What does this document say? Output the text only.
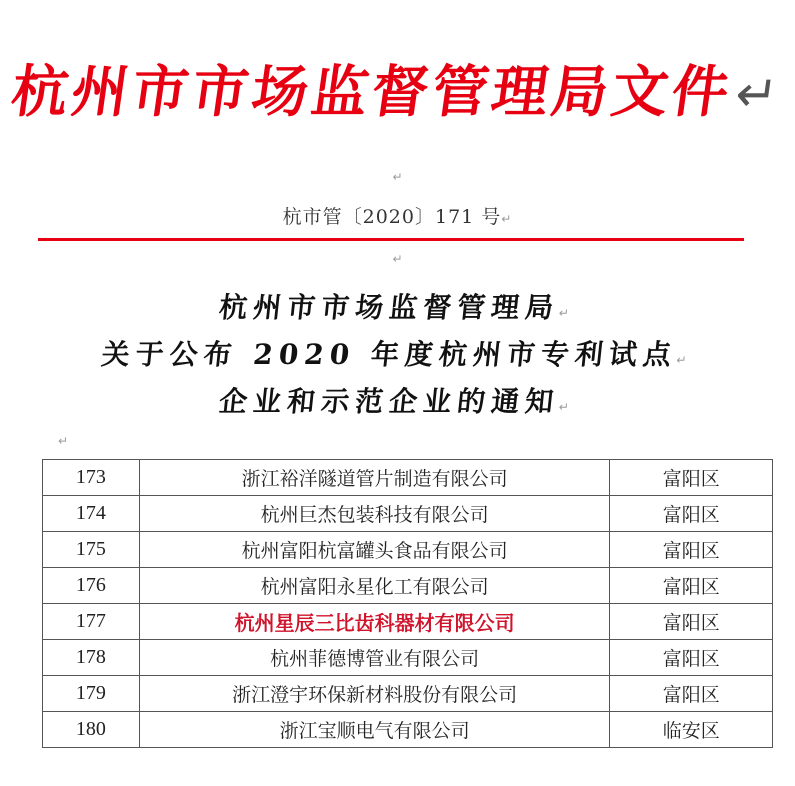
杭州市市场监督管理局文件↵
↵
杭市管〔2020〕171 号↵
↵
杭州市市场监督管理局↵
关于公布 2020 年度杭州市专利试点↵
企业和示范企业的通知↵
↵
173	浙江裕洋隧道管片制造有限公司	富阳区
174	杭州巨杰包装科技有限公司	富阳区
175	杭州富阳杭富罐头食品有限公司	富阳区
176	杭州富阳永星化工有限公司	富阳区
177	杭州星辰三比齿科器材有限公司	富阳区
178	杭州菲德博管业有限公司	富阳区
179	浙江澄宇环保新材料股份有限公司	富阳区
180	浙江宝顺电气有限公司	临安区
